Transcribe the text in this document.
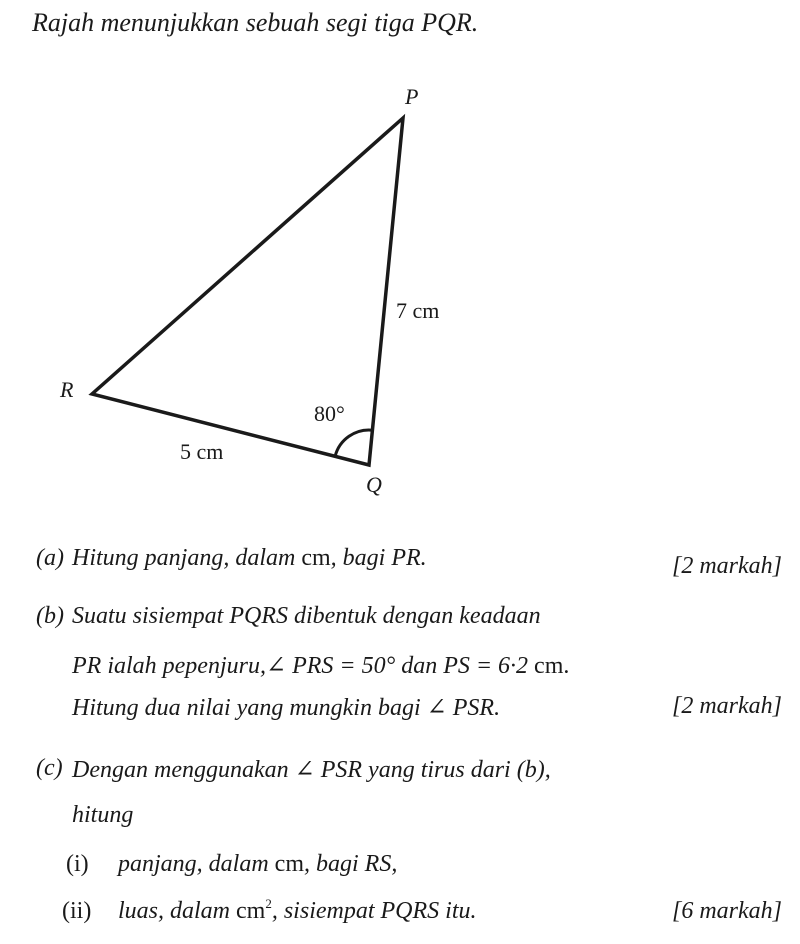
Rajah menunjukkan sebuah segi tiga PQR.
P
Q
R
7 cm
5 cm
80°
(a) Hitung panjang, dalam cm, bagi PR.	[2 markah]
(b) Suatu sisiempat PQRS dibentuk dengan keadaan
PR ialah pepenjuru,∠ PRS = 50° dan PS = 6·2 cm.
Hitung dua nilai yang mungkin bagi ∠ PSR.	[2 markah]
(c) Dengan menggunakan ∠ PSR yang tirus dari (b),
hitung
(i) panjang, dalam cm, bagi RS,
(ii) luas, dalam $cm^2$, sisiempat PQRS itu.	[6 markah]
